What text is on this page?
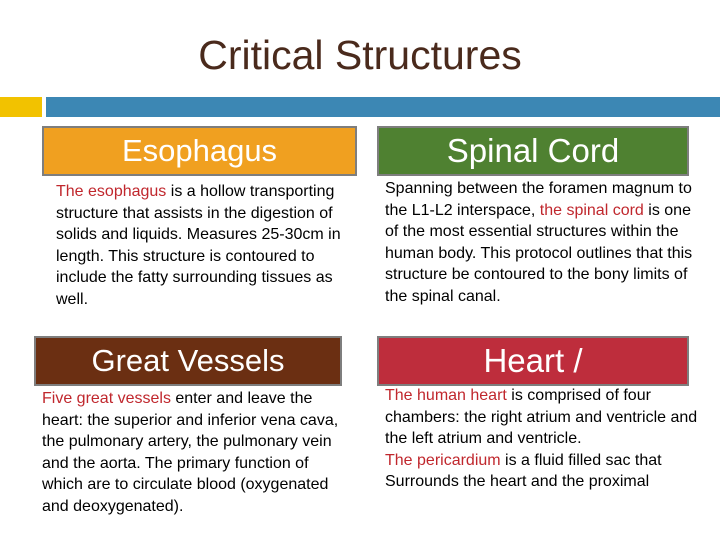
Critical Structures
Esophagus

The esophagus is a hollow transporting structure that assists in the digestion of solids and liquids. Measures 25-30cm in length. This structure is contoured to include the fatty surrounding tissues as well.

Spinal Cord

Spanning between the foramen magnum to the L1-L2 interspace, the spinal cord is one of the most essential structures within the human body. This protocol outlines that this structure be contoured to the bony limits of the spinal canal.

Great Vessels

Five great vessels enter and leave the heart: the superior and inferior vena cava, the pulmonary artery, the pulmonary vein and the aorta. The primary function of which are to circulate blood (oxygenated and deoxygenated).

Heart /

The human heart is comprised of four chambers: the right atrium and ventricle and the left atrium and ventricle.
The pericardium is a fluid filled sac that
Surrounds the heart and the proximal
